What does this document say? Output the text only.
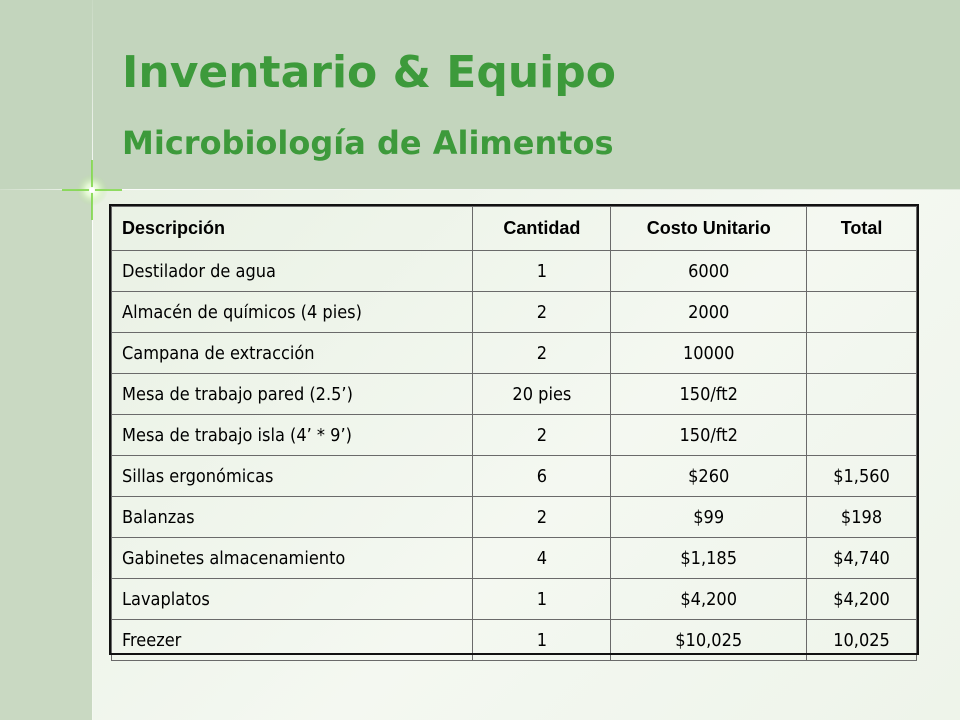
Inventario & Equipo
Microbiología de Alimentos
Descripción	Cantidad	Costo Unitario	Total
Destilador de agua	1	6000	
Almacén de químicos (4 pies)	2	2000	
Campana de extracción	2	10000	
Mesa de trabajo pared (2.5’)	20 pies	150/ft2	
Mesa de trabajo isla (4’ * 9’)	2	150/ft2	
Sillas ergonómicas	6	$260	$1,560
Balanzas	2	$99	$198
Gabinetes almacenamiento	4	$1,185	$4,740
Lavaplatos	1	$4,200	$4,200
Freezer	1	$10,025	10,025
